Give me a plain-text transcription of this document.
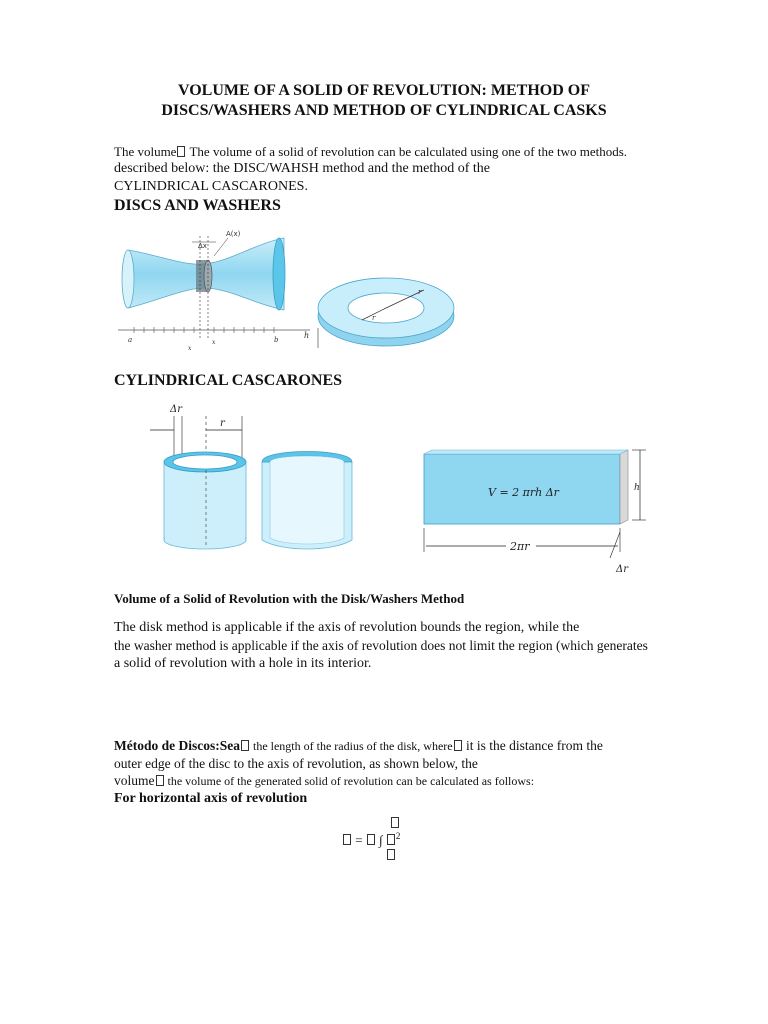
VOLUME OF A SOLID OF REVOLUTION: METHOD OF
DISCS/WASHERS AND METHOD OF CYLINDRICAL CASKS
The volume The volume of a solid of revolution can be calculated using one of the two methods.
described below: the DISC/WAHSH method and the method of the
CYLINDRICAL CASCARONES.
DISCS AND WASHERS
Δx
A(x)
a	b
x
x
r
r
h
CYLINDRICAL CASCARONES
Δr
r
V = 2 πrh Δr	h
2πr
Δr
Volume of a Solid of Revolution with the Disk/Washers Method
The disk method is applicable if the axis of revolution bounds the region, while the
the washer method is applicable if the axis of revolution does not limit the region (which generates
a solid of revolution with a hole in its interior.
Método de Discos:Sea the length of the radius of the disk, where it is the distance from the
outer edge of the disc to the axis of revolution, as shown below, the
volume the volume of the generated solid of revolution can be calculated as follows:
For horizontal axis of revolution
= ∫ $^2$
